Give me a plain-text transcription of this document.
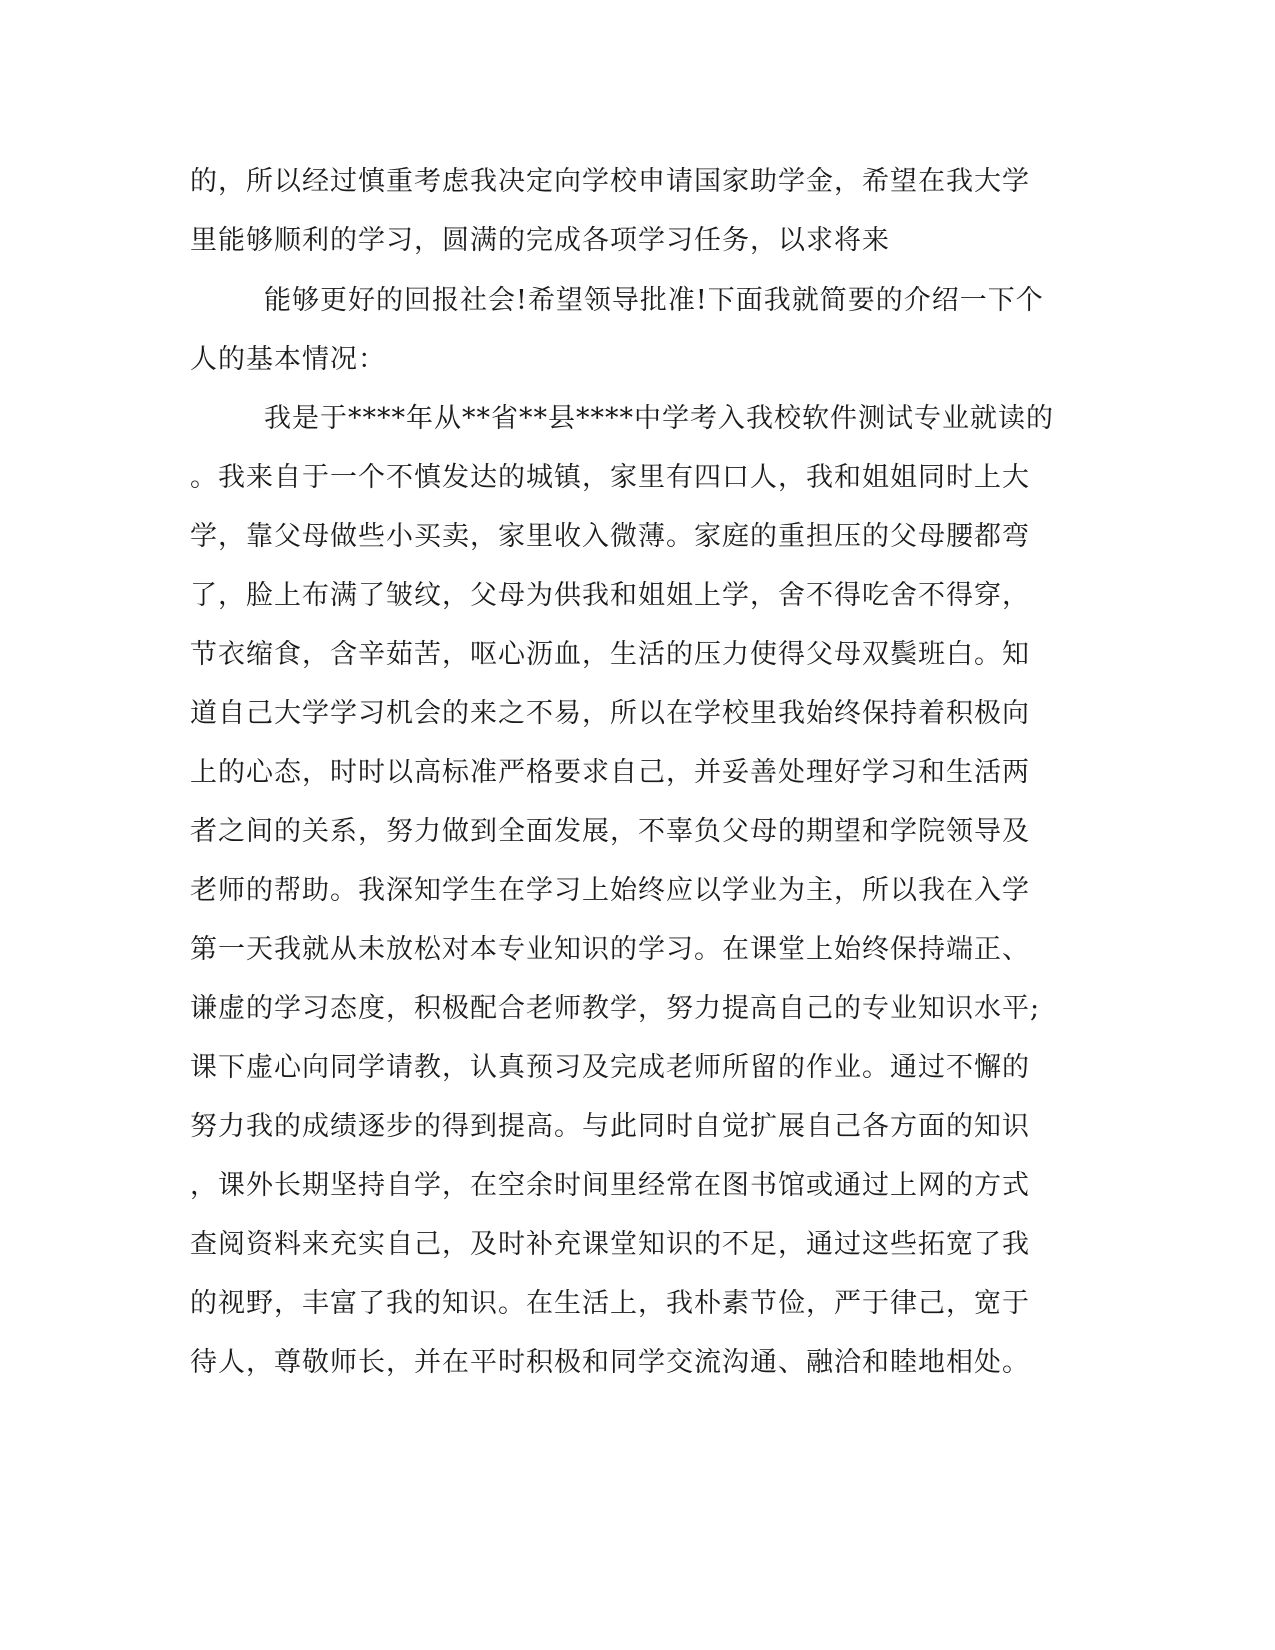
的，所以经过慎重考虑我决定向学校申请国家助学金，希望在我大学
里能够顺利的学习，圆满的完成各项学习任务，以求将来
能够更好的回报社会!希望领导批准!下面我就简要的介绍一下个
人的基本情况：
我是于****年从**省**县****中学考入我校软件测试专业就读的
。我来自于一个不慎发达的城镇，家里有四口人，我和姐姐同时上大
学，靠父母做些小买卖，家里收入微薄。家庭的重担压的父母腰都弯
了，脸上布满了皱纹，父母为供我和姐姐上学，舍不得吃舍不得穿，
节衣缩食，含辛茹苦，呕心沥血，生活的压力使得父母双鬓班白。知
道自己大学学习机会的来之不易，所以在学校里我始终保持着积极向
上的心态，时时以高标准严格要求自己，并妥善处理好学习和生活两
者之间的关系，努力做到全面发展，不辜负父母的期望和学院领导及
老师的帮助。我深知学生在学习上始终应以学业为主，所以我在入学
第一天我就从未放松对本专业知识的学习。在课堂上始终保持端正、
谦虚的学习态度，积极配合老师教学，努力提高自己的专业知识水平;
课下虚心向同学请教，认真预习及完成老师所留的作业。通过不懈的
努力我的成绩逐步的得到提高。与此同时自觉扩展自己各方面的知识
，课外长期坚持自学，在空余时间里经常在图书馆或通过上网的方式
查阅资料来充实自己，及时补充课堂知识的不足，通过这些拓宽了我
的视野，丰富了我的知识。在生活上，我朴素节俭，严于律己，宽于
待人，尊敬师长，并在平时积极和同学交流沟通、融洽和睦地相处。
